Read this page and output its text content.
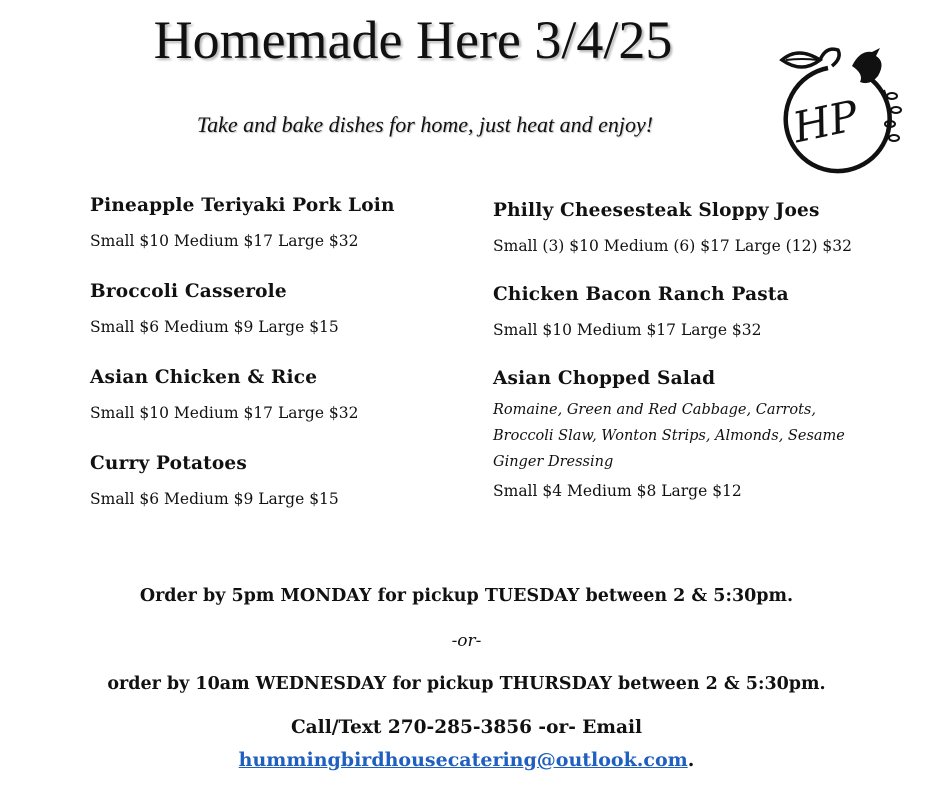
Homemade Here 3/4/25
Take and bake dishes for home, just heat and enjoy!	HP

Pineapple Teriyaki Pork Loin

Small $10 Medium $17 Large $32

Broccoli Casserole

Small $6 Medium $9 Large $15

Asian Chicken & Rice

Small $10 Medium $17 Large $32

Curry Potatoes

Small $6 Medium $9 Large $15

Philly Cheesesteak Sloppy Joes

Small (3) $10 Medium (6) $17 Large (12) $32

Chicken Bacon Ranch Pasta

Small $10 Medium $17 Large $32

Asian Chopped Salad

Romaine, Green and Red Cabbage, Carrots, Broccoli Slaw, Wonton Strips, Almonds, Sesame Ginger Dressing

Small $4 Medium $8 Large $12

Order by 5pm MONDAY for pickup TUESDAY between 2 & 5:30pm.
-or-
order by 10am WEDNESDAY for pickup THURSDAY between 2 & 5:30pm.
Call/Text 270-285-3856 -or- Email
hummingbirdhousecatering@outlook.com.
